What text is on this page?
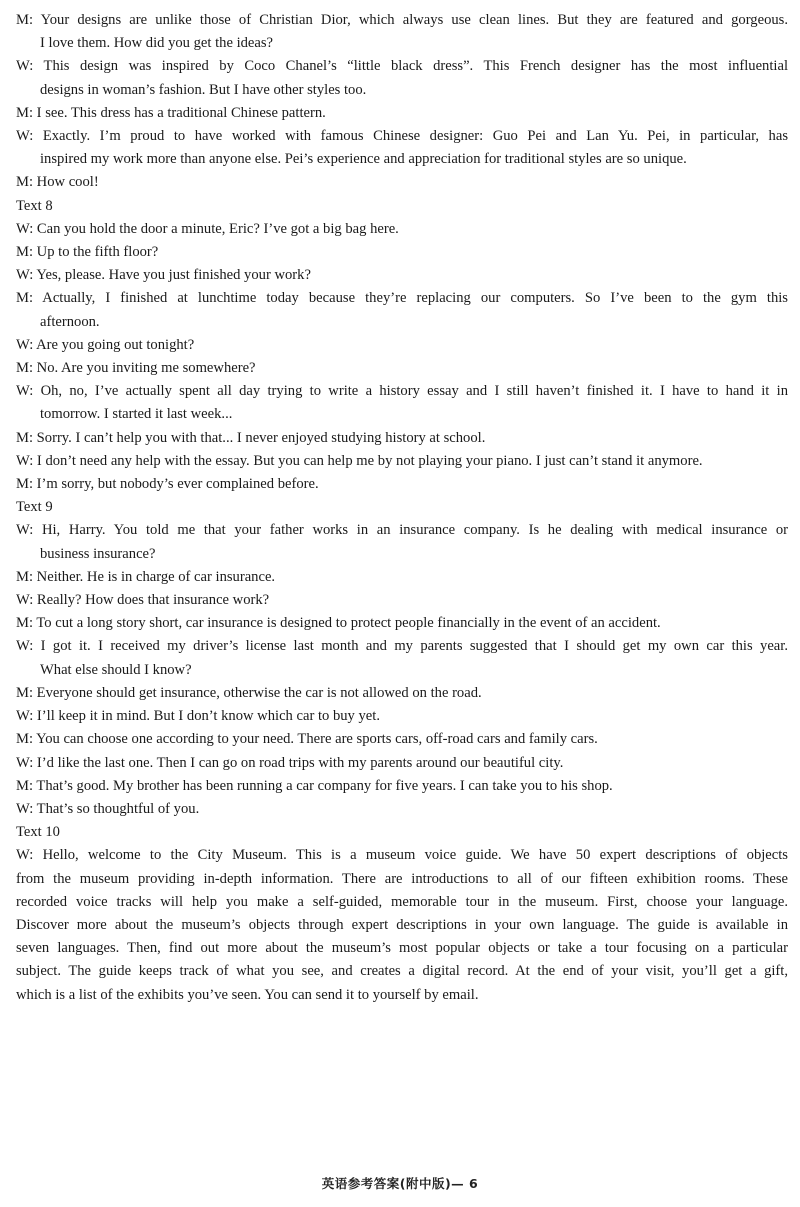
M: Your designs are unlike those of Christian Dior, which always use clean lines. But they are featured and gorgeous.
I love them. How did you get the ideas?
W: This design was inspired by Coco Chanel’s “little black dress”. This French designer has the most influential
designs in woman’s fashion. But I have other styles too.
M: I see. This dress has a traditional Chinese pattern.
W: Exactly. I’m proud to have worked with famous Chinese designer: Guo Pei and Lan Yu. Pei, in particular, has
inspired my work more than anyone else. Pei’s experience and appreciation for traditional styles are so unique.
M: How cool!
Text 8
W: Can you hold the door a minute, Eric? I’ve got a big bag here.
M: Up to the fifth floor?
W: Yes, please. Have you just finished your work?
M: Actually, I finished at lunchtime today because they’re replacing our computers. So I’ve been to the gym this
afternoon.
W: Are you going out tonight?
M: No. Are you inviting me somewhere?
W: Oh, no, I’ve actually spent all day trying to write a history essay and I still haven’t finished it. I have to hand it in
tomorrow. I started it last week...
M: Sorry. I can’t help you with that... I never enjoyed studying history at school.
W: I don’t need any help with the essay. But you can help me by not playing your piano. I just can’t stand it anymore.
M: I’m sorry, but nobody’s ever complained before.
Text 9
W: Hi, Harry. You told me that your father works in an insurance company. Is he dealing with medical insurance or
business insurance?
M: Neither. He is in charge of car insurance.
W: Really? How does that insurance work?
M: To cut a long story short, car insurance is designed to protect people financially in the event of an accident.
W: I got it. I received my driver’s license last month and my parents suggested that I should get my own car this year.
What else should I know?
M: Everyone should get insurance, otherwise the car is not allowed on the road.
W: I’ll keep it in mind. But I don’t know which car to buy yet.
M: You can choose one according to your need. There are sports cars, off-road cars and family cars.
W: I’d like the last one. Then I can go on road trips with my parents around our beautiful city.
M: That’s good. My brother has been running a car company for five years. I can take you to his shop.
W: That’s so thoughtful of you.
Text 10
W: Hello, welcome to the City Museum. This is a museum voice guide. We have 50 expert descriptions of objects
from the museum providing in-depth information. There are introductions to all of our fifteen exhibition rooms. These
recorded voice tracks will help you make a self-guided, memorable tour in the museum. First, choose your language.
Discover more about the museum’s objects through expert descriptions in your own language. The guide is available in
seven languages. Then, find out more about the museum’s most popular objects or take a tour focusing on a particular
subject. The guide keeps track of what you see, and creates a digital record. At the end of your visit, you’ll get a gift,
which is a list of the exhibits you’ve seen. You can send it to yourself by email.
英语参考答案(附中版)— 6
